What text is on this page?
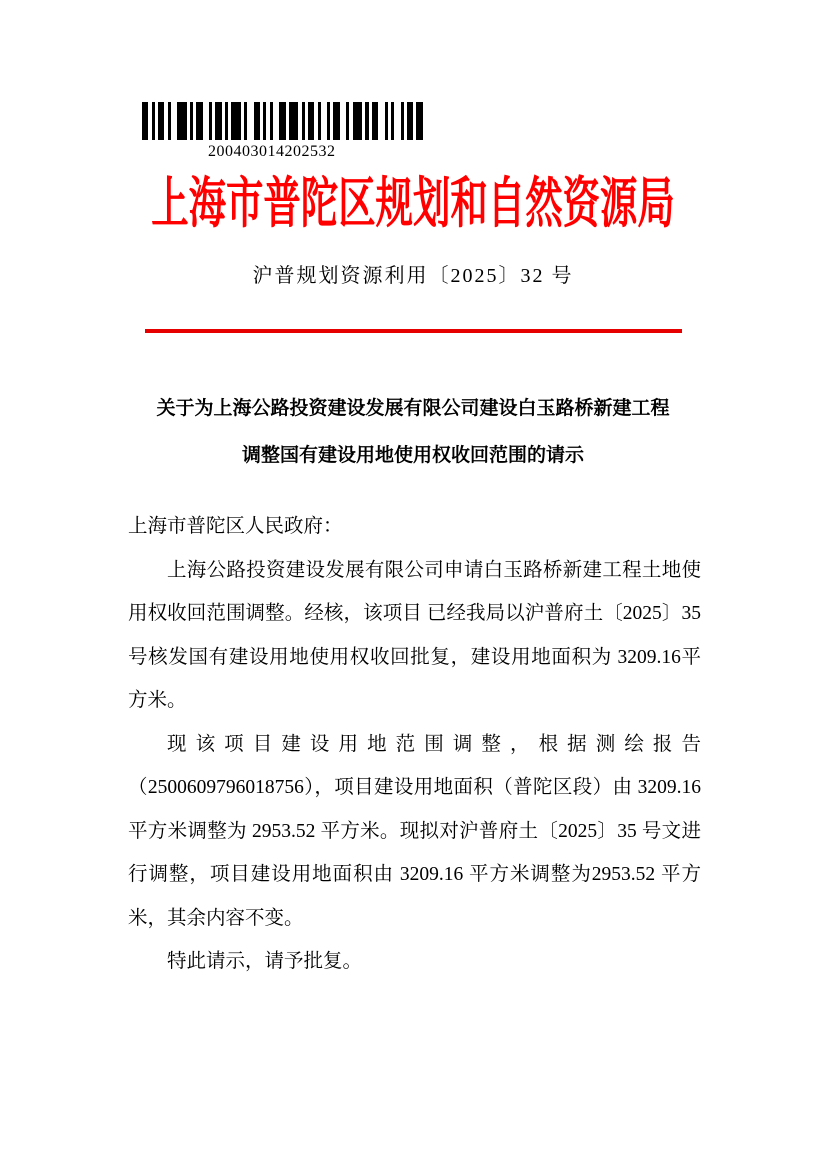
200403014202532
上海市普陀区规划和自然资源局
沪普规划资源利用〔2025〕32 号
关于为上海公路投资建设发展有限公司建设白玉路桥新建工程
调整国有建设用地使用权收回范围的请示

上海市普陀区人民政府：

上海公路投资建设发展有限公司申请白玉路桥新建工程土地使用权收回范围调整。经核，该项目 已经我局以沪普府土〔2025〕35 号核发国有建设用地使用权收回批复，建设用地面积为 3209.16平方米。

现该项目建设用地范围调整，根据测绘报告（2500609796018756），项目建设用地面积（普陀区段）由 3209.16 平方米调整为 2953.52 平方米。现拟对沪普府土〔2025〕35 号文进行调整，项目建设用地面积由 3209.16 平方米调整为2953.52 平方米，其余内容不变。

特此请示，请予批复。
